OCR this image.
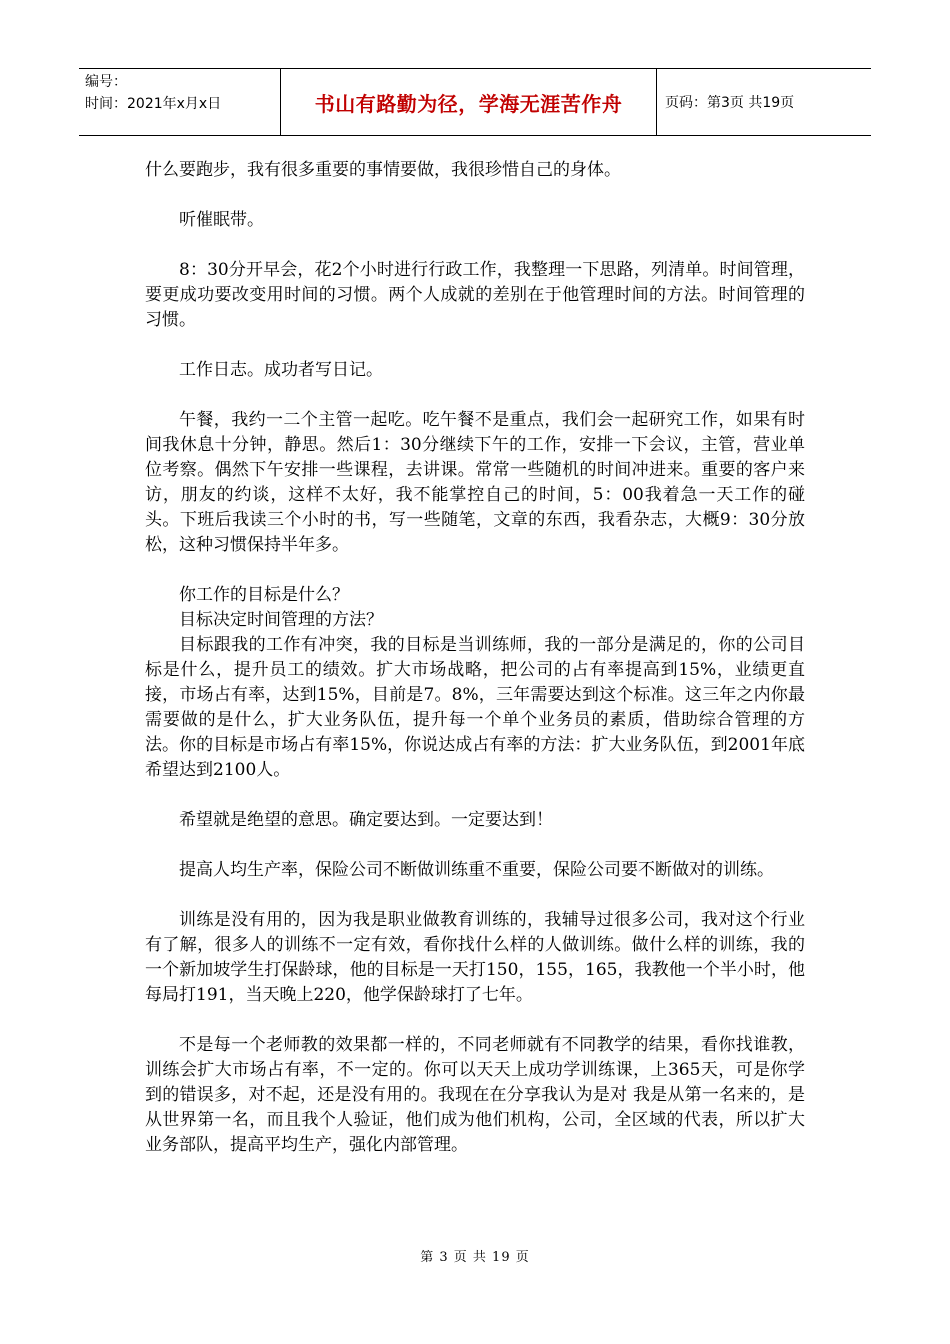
编号：
时间：2021年x月x日	书山有路勤为径，学海无涯苦作舟	页码：第3页 共19页

什么要跑步，我有很多重要的事情要做，我很珍惜自己的身体。

听催眠带。

8：30分开早会，花2个小时进行行政工作，我整理一下思路，列清单。时间管理，要更成功要改变用时间的习惯。两个人成就的差别在于他管理时间的方法。时间管理的习惯。

工作日志。成功者写日记。

午餐，我约一二个主管一起吃。吃午餐不是重点，我们会一起研究工作，如果有时间我休息十分钟，静思。然后1：30分继续下午的工作，安排一下会议，主管，营业单位考察。偶然下午安排一些课程，去讲课。常常一些随机的时间冲进来。重要的客户来访，朋友的约谈，这样不太好，我不能掌控自己的时间，5：00我着急一天工作的碰头。下班后我读三个小时的书，写一些随笔，文章的东西，我看杂志，大概9：30分放松，这种习惯保持半年多。

你工作的目标是什么？

目标决定时间管理的方法？

目标跟我的工作有冲突，我的目标是当训练师，我的一部分是满足的，你的公司目标是什么，提升员工的绩效。扩大市场战略，把公司的占有率提高到15%，业绩更直接，市场占有率，达到15%，目前是7。8%，三年需要达到这个标准。这三年之内你最需要做的是什么，扩大业务队伍，提升每一个单个业务员的素质，借助综合管理的方法。你的目标是市场占有率15%，你说达成占有率的方法：扩大业务队伍，到2001年底希望达到2100人。

希望就是绝望的意思。确定要达到。一定要达到！

提高人均生产率，保险公司不断做训练重不重要，保险公司要不断做对的训练。

训练是没有用的，因为我是职业做教育训练的，我辅导过很多公司，我对这个行业有了解，很多人的训练不一定有效，看你找什么样的人做训练。做什么样的训练，我的一个新加坡学生打保龄球，他的目标是一天打150，155，165，我教他一个半小时，他每局打191，当天晚上220，他学保龄球打了七年。

不是每一个老师教的效果都一样的，不同老师就有不同教学的结果，看你找谁教，训练会扩大市场占有率，不一定的。你可以天天上成功学训练课，上365天，可是你学到的错误多，对不起，还是没有用的。我现在在分享我认为是对 我是从第一名来的，是从世界第一名，而且我个人验证，他们成为他们机构，公司，全区域的代表，所以扩大业务部队，提高平均生产，强化内部管理。

第 3 页 共 19 页
